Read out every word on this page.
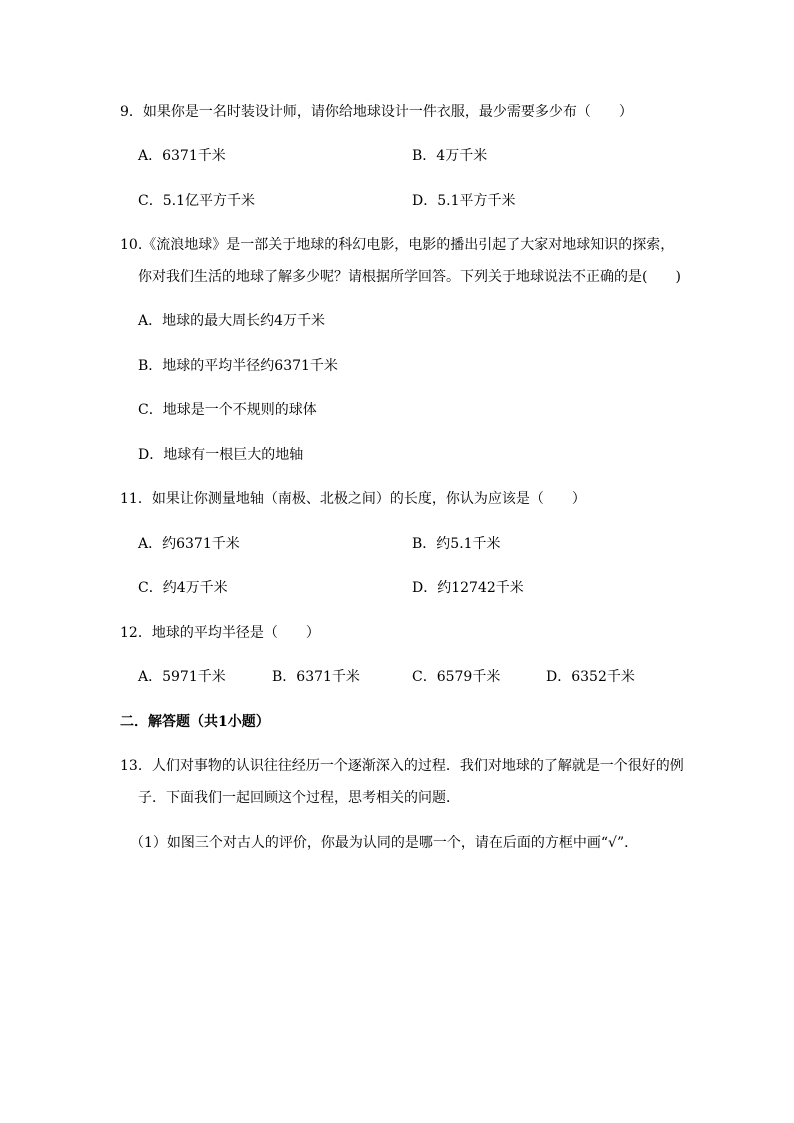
9．如果你是一名时装设计师，请你给地球设计一件衣服，最少需要多少布（　　）
A．6371千米	B．4万千米
C．5.1亿平方千米	D．5.1平方千米
10.《流浪地球》是一部关于地球的科幻电影，电影的播出引起了大家对地球知识的探索，
你对我们生活的地球了解多少呢？请根据所学回答。下列关于地球说法不正确的是(　　)
A．地球的最大周长约4万千米
B．地球的平均半径约6371千米
C．地球是一个不规则的球体
D．地球有一根巨大的地轴
11．如果让你测量地轴（南极、北极之间）的长度，你认为应该是（　　）
A．约6371千米	B．约5.1千米
C．约4万千米	D．约12742千米
12．地球的平均半径是（　　）
A．5971千米	B．6371千米	C．6579千米	D．6352千米
二．解答题（共1小题）
13．人们对事物的认识往往经历一个逐渐深入的过程．我们对地球的了解就是一个很好的例
子．下面我们一起回顾这个过程，思考相关的问题．
（1）如图三个对古人的评价，你最为认同的是哪一个，请在后面的方框中画“√”．
